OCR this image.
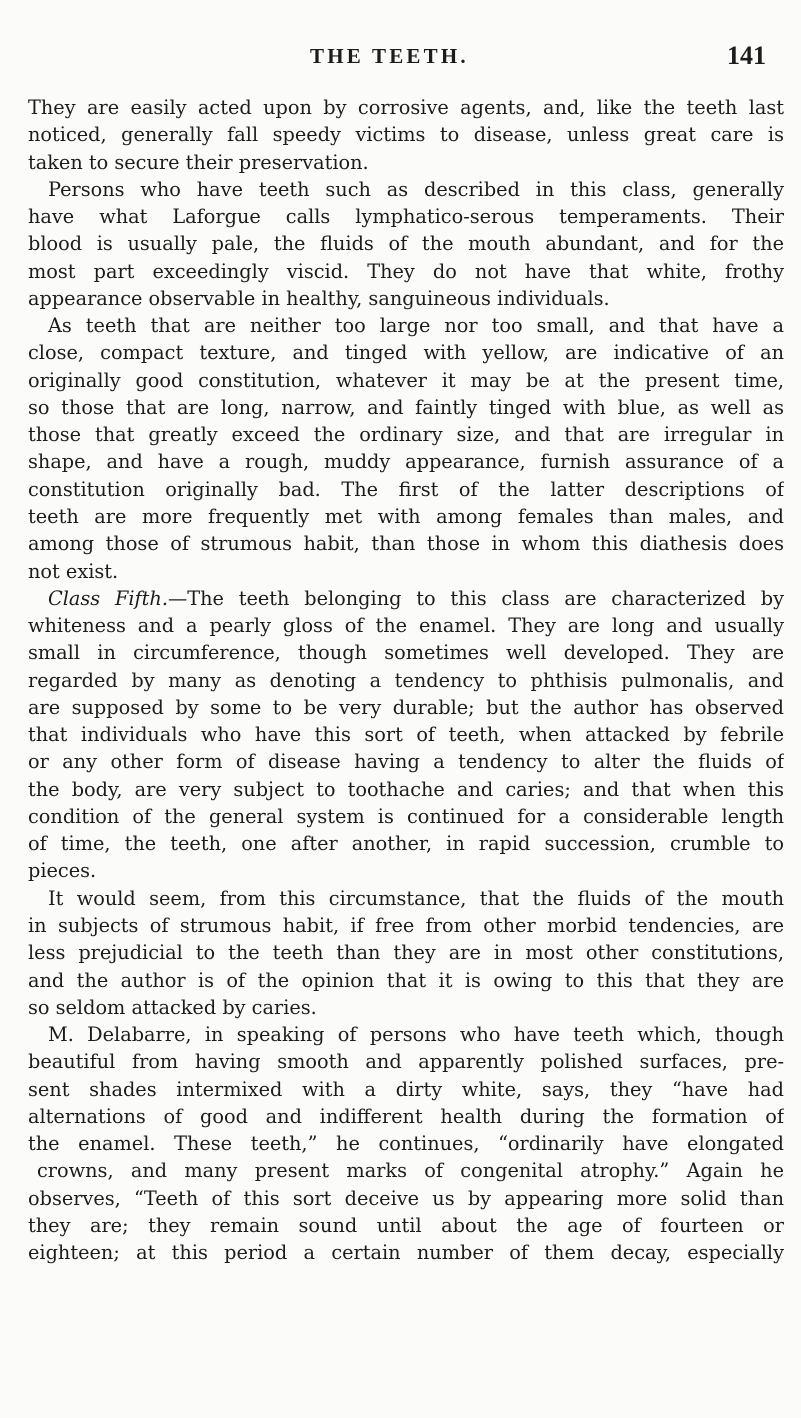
THE TEETH.	141
They are easily acted upon by corrosive agents, and, like the teeth last
noticed, generally fall speedy victims to disease, unless great care is
taken to secure their preservation.
Persons who have teeth such as described in this class, generally
have what Laforgue calls lymphatico-serous temperaments. Their
blood is usually pale, the fluids of the mouth abundant, and for the
most part exceedingly viscid. They do not have that white, frothy
appearance observable in healthy, sanguineous individuals.
As teeth that are neither too large nor too small, and that have a
close, compact texture, and tinged with yellow, are indicative of an
originally good constitution, whatever it may be at the present time,
so those that are long, narrow, and faintly tinged with blue, as well as
those that greatly exceed the ordinary size, and that are irregular in
shape, and have a rough, muddy appearance, furnish assurance of a
constitution originally bad. The first of the latter descriptions of
teeth are more frequently met with among females than males, and
among those of strumous habit, than those in whom this diathesis does
not exist.
Class Fifth.—The teeth belonging to this class are characterized by
whiteness and a pearly gloss of the enamel. They are long and usually
small in circumference, though sometimes well developed. They are
regarded by many as denoting a tendency to phthisis pulmonalis, and
are supposed by some to be very durable; but the author has observed
that individuals who have this sort of teeth, when attacked by febrile
or any other form of disease having a tendency to alter the fluids of
the body, are very subject to toothache and caries; and that when this
condition of the general system is continued for a considerable length
of time, the teeth, one after another, in rapid succession, crumble to
pieces.
It would seem, from this circumstance, that the fluids of the mouth
in subjects of strumous habit, if free from other morbid tendencies, are
less prejudicial to the teeth than they are in most other constitutions,
and the author is of the opinion that it is owing to this that they are
so seldom attacked by caries.
M. Delabarre, in speaking of persons who have teeth which, though
beautiful from having smooth and apparently polished surfaces, pre-
sent shades intermixed with a dirty white, says, they “have had
alternations of good and indifferent health during the formation of
the enamel. These teeth,” he continues, “ordinarily have elongated
crowns, and many present marks of congenital atrophy.” Again he
observes, “Teeth of this sort deceive us by appearing more solid than
they are; they remain sound until about the age of fourteen or
eighteen; at this period a certain number of them decay, especially
